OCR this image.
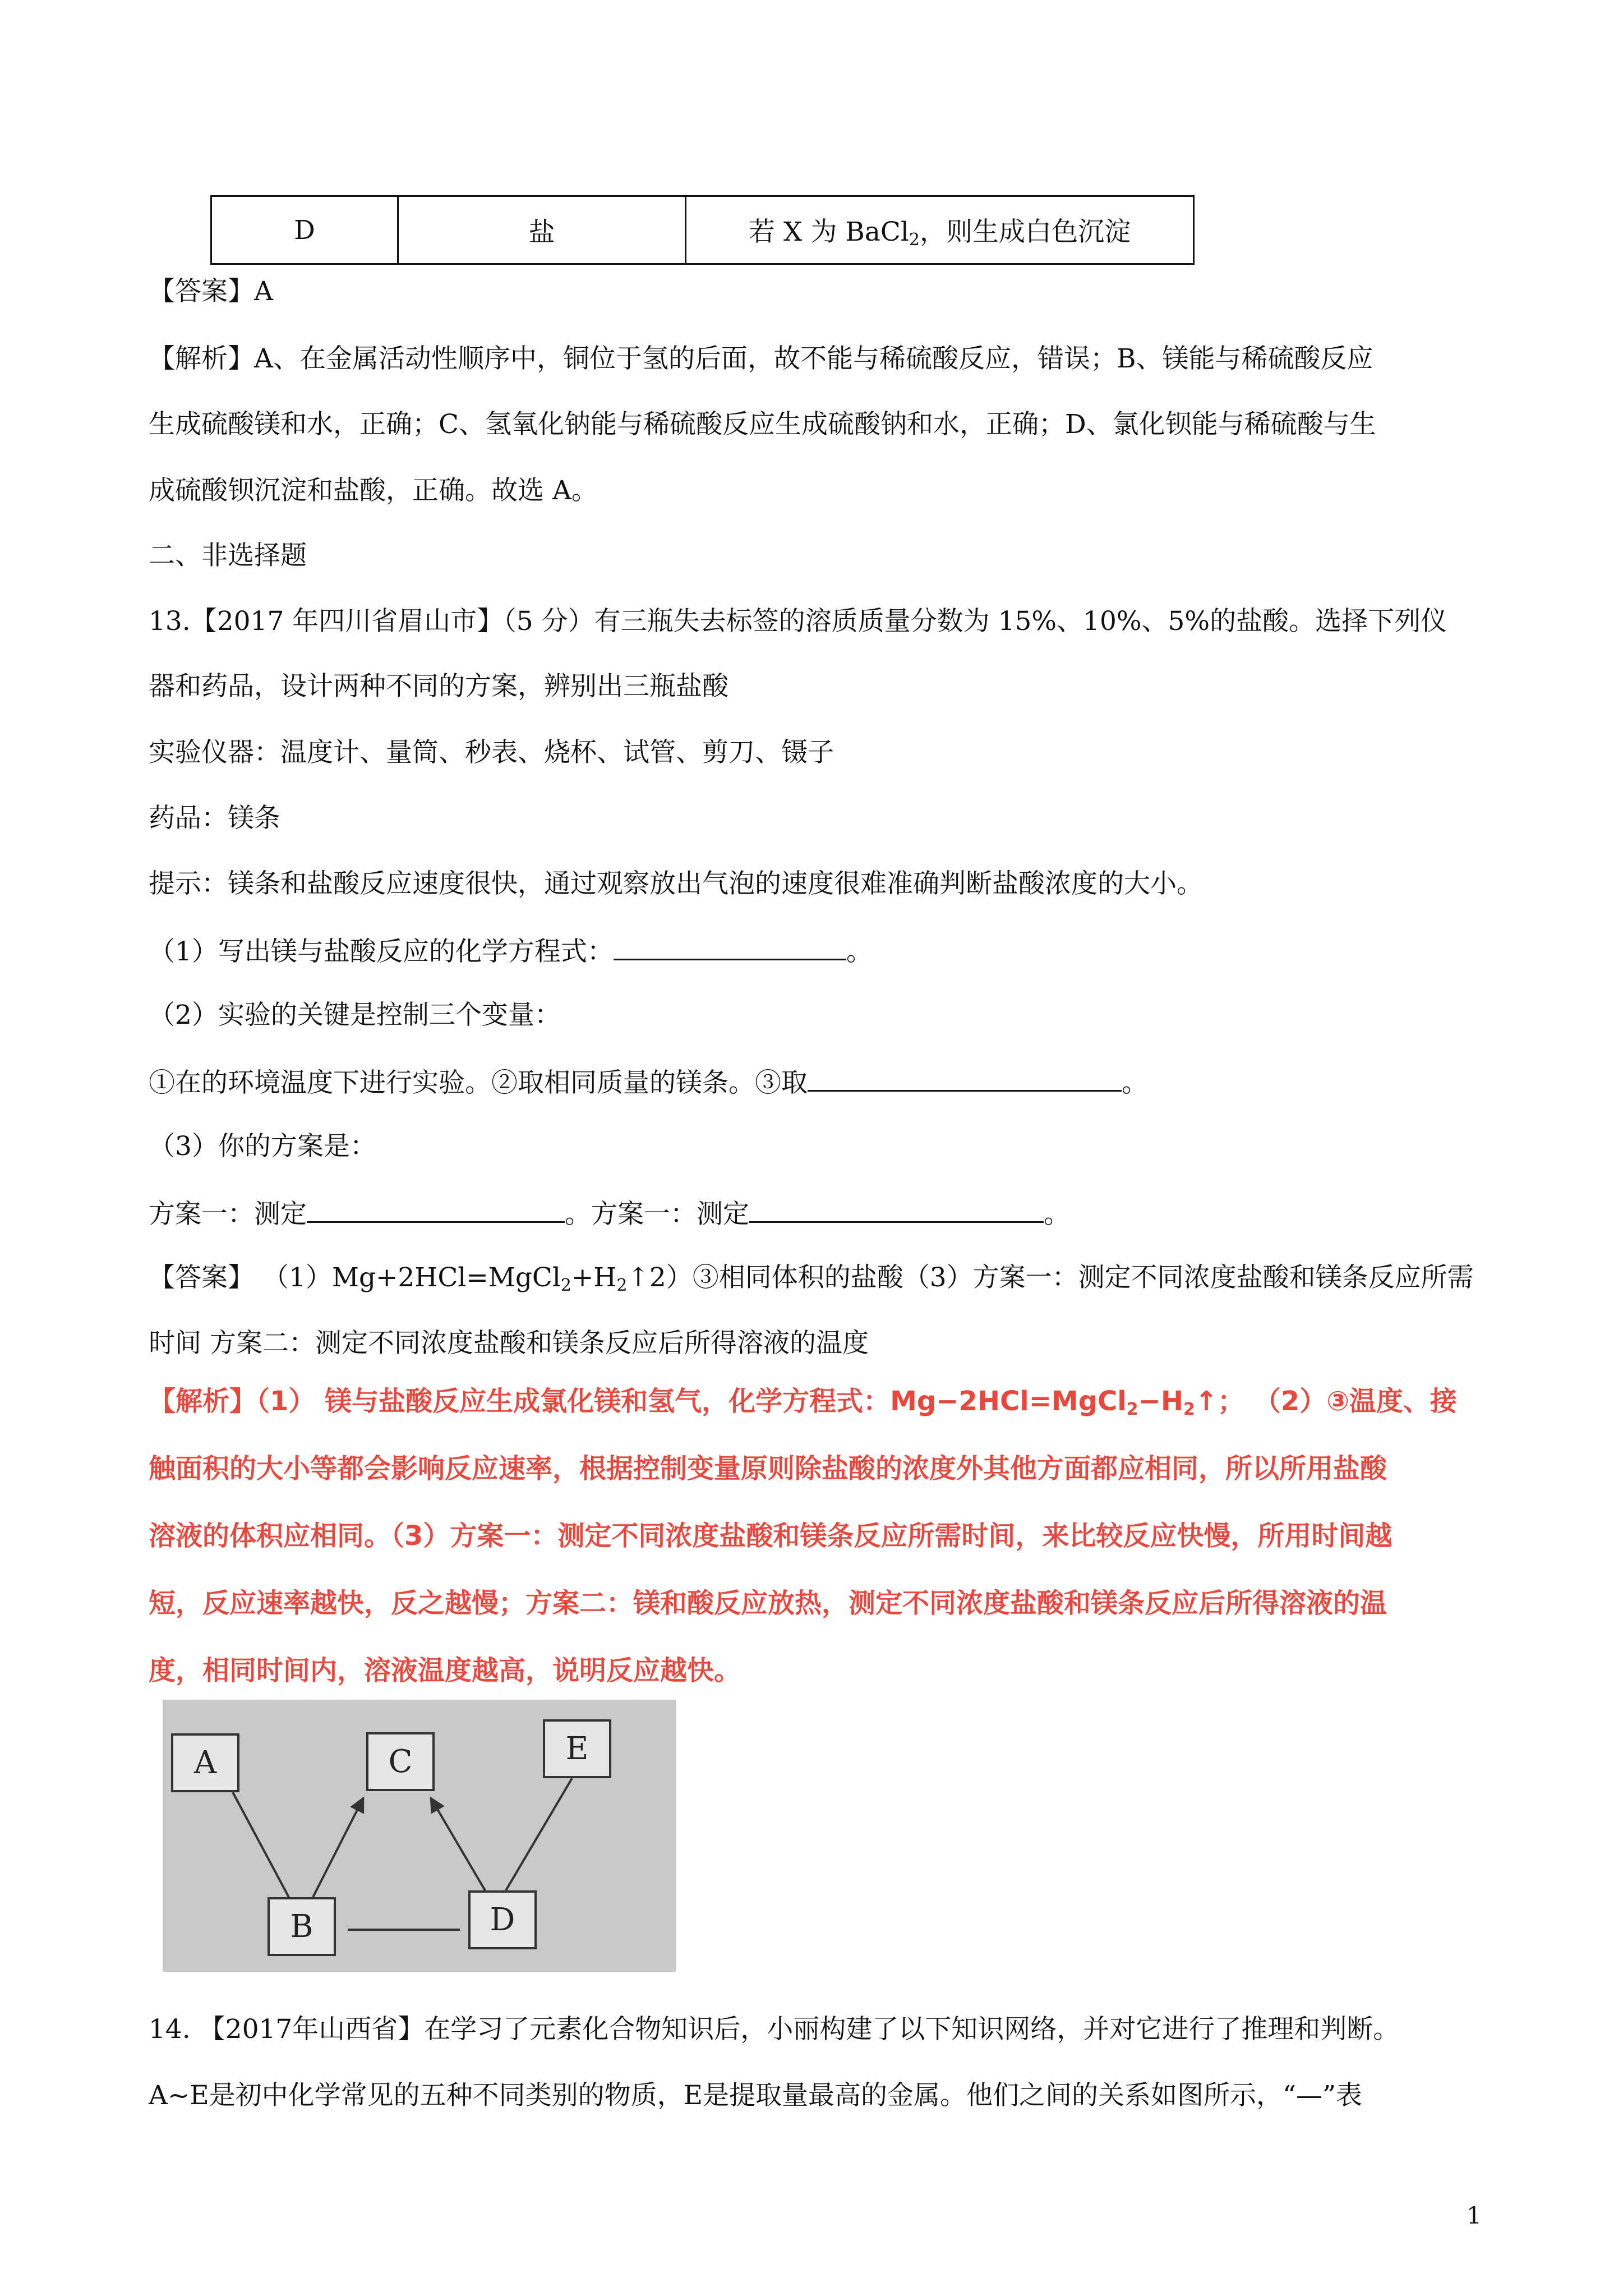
D	盐	若 X 为 BaCl$_2$，则生成白色沉淀
【答案】A
【解析】A、在金属活动性顺序中，铜位于氢的后面，故不能与稀硫酸反应，错误；B、镁能与稀硫酸反应
生成硫酸镁和水，正确；C、氢氧化钠能与稀硫酸反应生成硫酸钠和水，正确；D、氯化钡能与稀硫酸与生
成硫酸钡沉淀和盐酸，正确。故选 A。
二、非选择题
13.【2017 年四川省眉山市】（5 分）有三瓶失去标签的溶质质量分数为 15%、10%、5%的盐酸。选择下列仪
器和药品，设计两种不同的方案，辨别出三瓶盐酸
实验仪器：温度计、量筒、秒表、烧杯、试管、剪刀、镊子
药品：镁条
提示：镁条和盐酸反应速度很快，通过观察放出气泡的速度很难准确判断盐酸浓度的大小。
（1）写出镁与盐酸反应的化学方程式：	。
（2）实验的关键是控制三个变量：
①在的环境温度下进行实验。②取相同质量的镁条。③取	。
（3）你的方案是：
方案一：测定	。方案一：测定	。
【答案】 $(1)Mg+2HCl=MgCl_2+H_2↑2)③$相同体积的盐酸（3）方案一：测定不同浓度盐酸和镁条反应所需
时间 方案二：测定不同浓度盐酸和镁条反应后所得溶液的温度
【解析】（1） 镁与盐酸反应生成氯化镁和氢气，化学方程式：$Mg-2HCl=MgCl_2-H_2↑$； （2）③温度、接
触面积的大小等都会影响反应速率，根据控制变量原则除盐酸的浓度外其他方面都应相同，所以所用盐酸
溶液的体积应相同。（3）方案一：测定不同浓度盐酸和镁条反应所需时间，来比较反应快慢，所用时间越
短，反应速率越快，反之越慢；方案二：镁和酸反应放热，测定不同浓度盐酸和镁条反应后所得溶液的温
度，相同时间内，溶液温度越高，说明反应越快。
A	C	E
B	D
14. 【2017年山西省】在学习了元素化合物知识后，小丽构建了以下知识网络，并对它进行了推理和判断。
A~E是初中化学常见的五种不同类别的物质，E是提取量最高的金属。他们之间的关系如图所示，“—”表
1
